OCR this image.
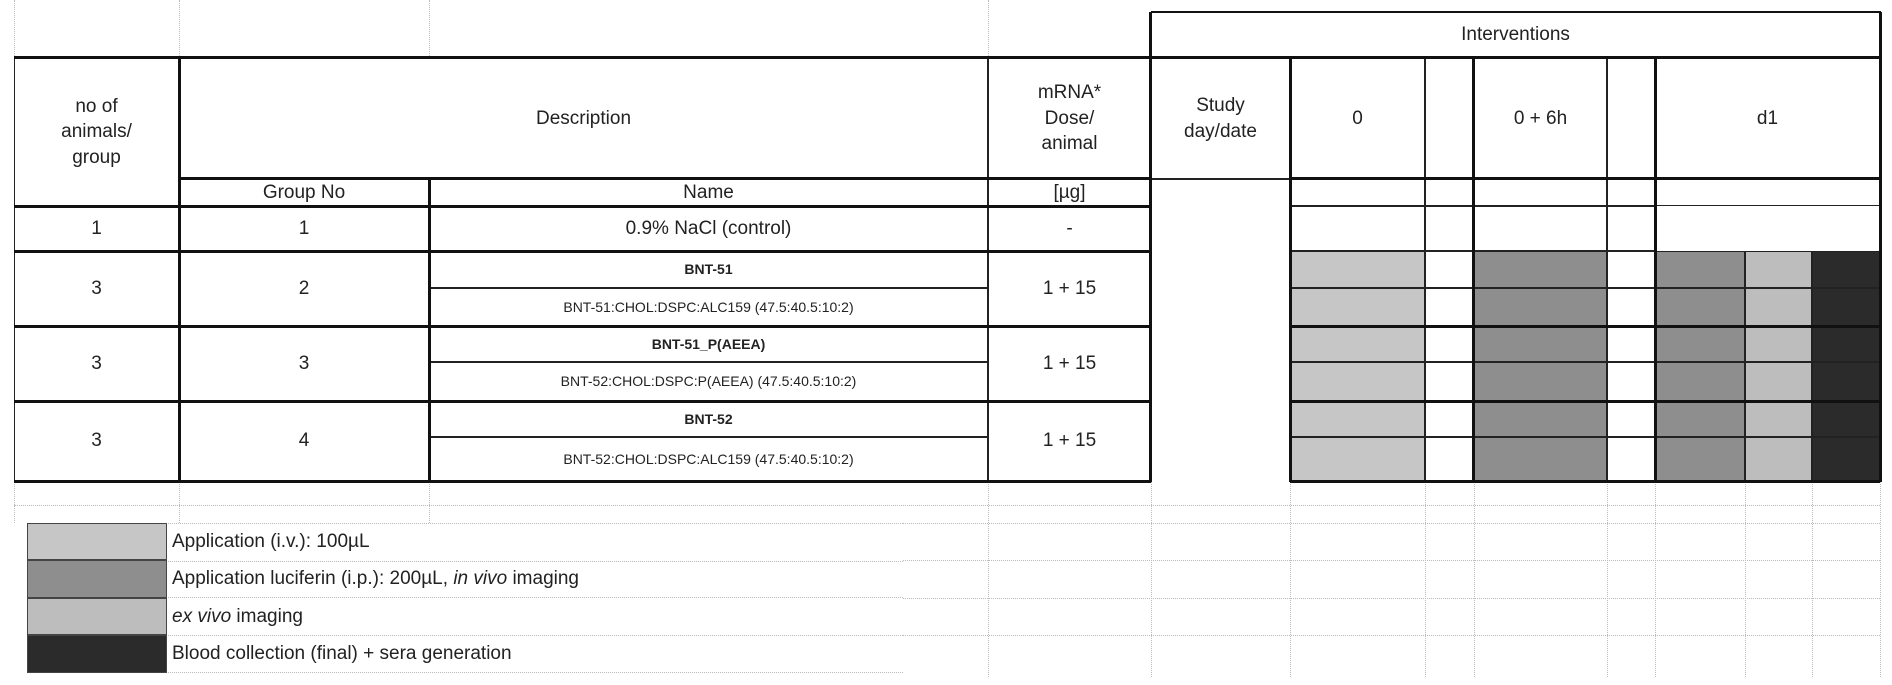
no of animals/ group
Description
mRNA* Dose/ animal
Group No	Name	[µg]
1	1	0.9% NaCl (control)	-
3	2
BNT-51
BNT-51:CHOL:DSPC:ALC159 (47.5:40.5:10:2)
1 + 15
3	3
BNT-51_P(AEEA)
BNT-52:CHOL:DSPC:P(AEEA) (47.5:40.5:10:2)
1 + 15
3	4
BNT-52
BNT-52:CHOL:DSPC:ALC159 (47.5:40.5:10:2)
1 + 15
Interventions
Study day/date
0	0 + 6h	d1
Application (i.v.): 100µL
Application luciferin (i.p.): 200µL, in vivo imaging
ex vivo imaging
Blood collection (final) + sera generation
